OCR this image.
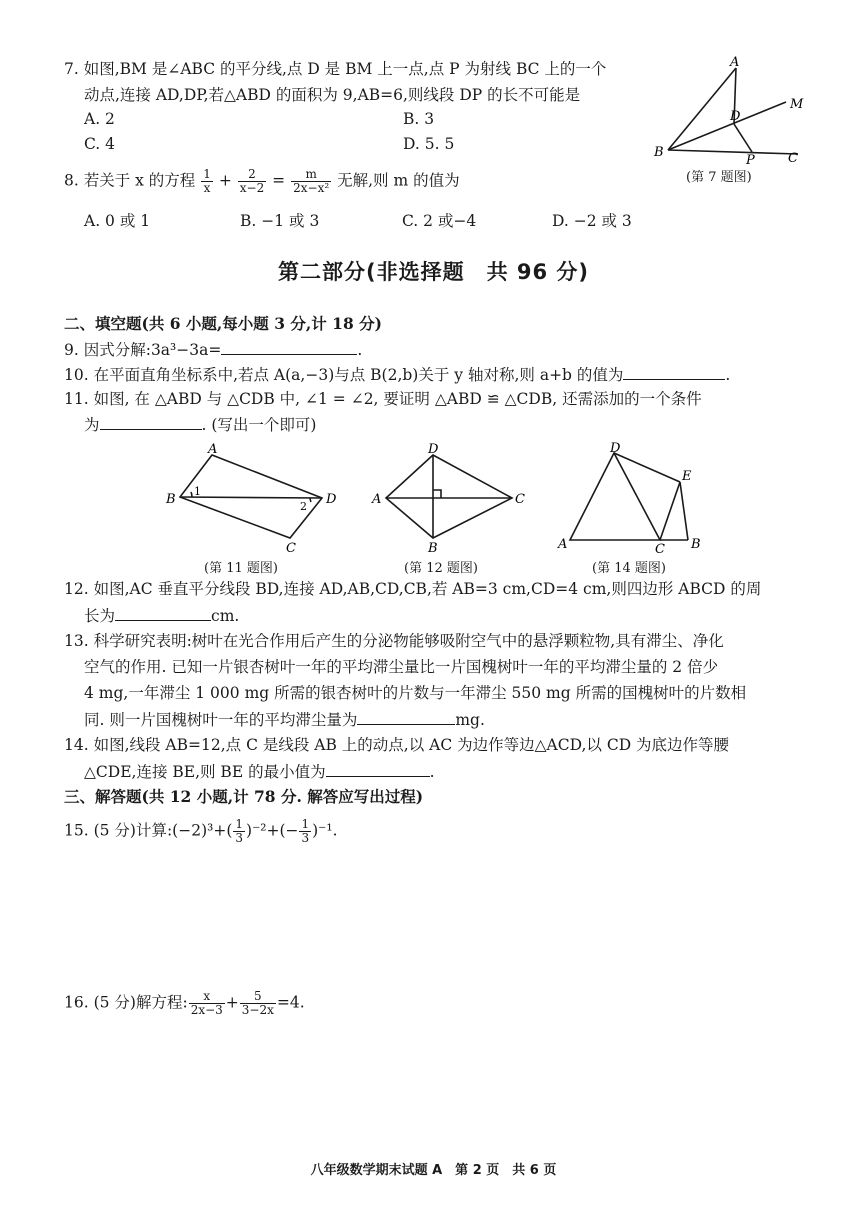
7. 如图,BM 是∠ABC 的平分线,点 D 是 BM 上一点,点 P 为射线 BC 上的一个
动点,连接 AD,DP,若△ABD 的面积为 9,AB=6,则线段 DP 的长不可能是
A. 2	B. 3
C. 4	D. 5. 5
A
M
D
B
P	C
(第 7 题图)
8. 若关于 x 的方程 $\frac{1}{x} + \frac{2}{x-2} = \frac{m}{\text{2x−x²}}$ 无解,则 m 的值为
A. 0 或 1	B. −1 或 3	C. 2 或−4	D. −2 或 3
第二部分(非选择题　共 96 分)
二、填空题(共 6 小题,每小题 3 分,计 18 分)
9. 因式分解:3a³−3a=	.
10. 在平面直角坐标系中,若点 A(a,−3)与点 B(2,b)关于 y 轴对称,则 a+b 的值为	.
11. 如图, 在 △ABD 与 △CDB 中, ∠1 = ∠2, 要证明 △ABD ≌ △CDB, 还需添加的一个条件
为	. (写出一个即可)
A
B
1
2 D
C
(第 11 题图)
D
A	C
B
(第 12 题图)
D
E
A	C B
(第 14 题图)
12. 如图,AC 垂直平分线段 BD,连接 AD,AB,CD,CB,若 AB=3 cm,CD=4 cm,则四边形 ABCD 的周
长为	cm.
13. 科学研究表明:树叶在光合作用后产生的分泌物能够吸附空气中的悬浮颗粒物,具有滞尘、净化
空气的作用. 已知一片银杏树叶一年的平均滞尘量比一片国槐树叶一年的平均滞尘量的 2 倍少
4 mg,一年滞尘 1 000 mg 所需的银杏树叶的片数与一年滞尘 550 mg 所需的国槐树叶的片数相
同. 则一片国槐树叶一年的平均滞尘量为	mg.
14. 如图,线段 AB=12,点 C 是线段 AB 上的动点,以 AC 为边作等边△ACD,以 CD 为底边作等腰
△CDE,连接 BE,则 BE 的最小值为	.
三、解答题(共 12 小题,计 78 分. 解答应写出过程)
15. (5 分)计算:(−2)³+( $\frac{1}{3} )^{-2}+(- \frac{1}{3} )^{-1}$.
16. (5 分)解方程: $\frac{x}{2x-3} + \frac{5}{3-2x} =4$.
八年级数学期末试题 A　第 2 页　共 6 页
